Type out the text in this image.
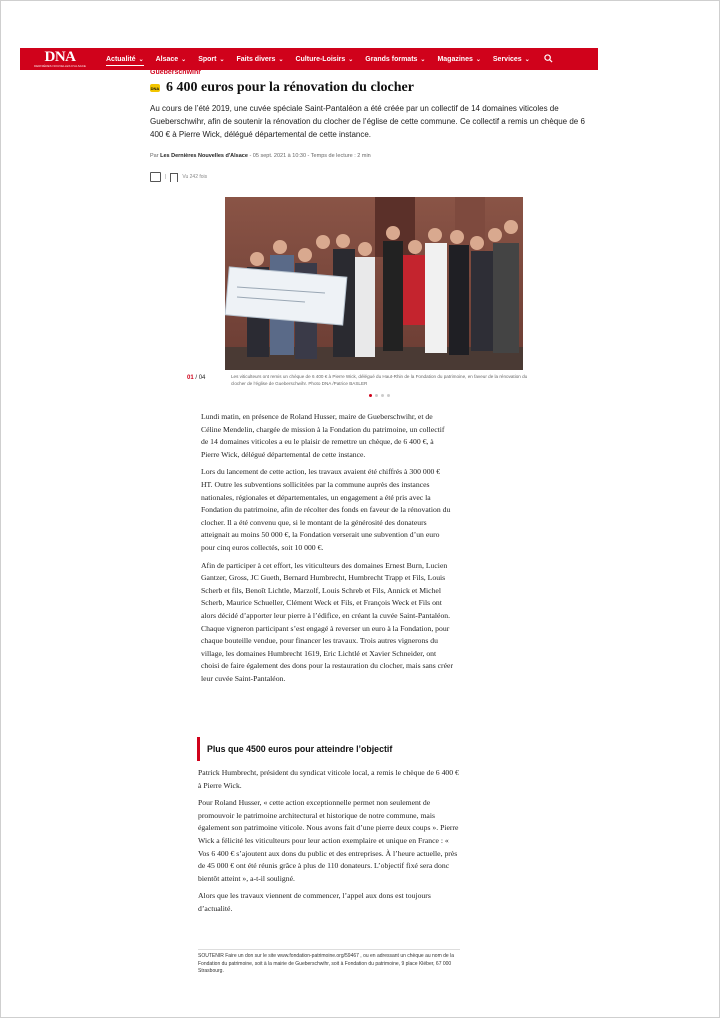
DNA
DERNIÈRES NOUVELLES D'ALSACE
Actualité ⌄ Alsace ⌄ Sport ⌄ Faits divers ⌄ Culture-Loisirs ⌄ Grands formats ⌄ Magazines ⌄ Services ⌄
Gueberschwihr
DNA 6 400 euros pour la rénovation du clocher
Au cours de l’été 2019, une cuvée spéciale Saint-Pantaléon a été créée par un collectif de 14 domaines viticoles de Gueberschwihr, afin de soutenir la rénovation du clocher de l’église de cette commune. Ce collectif a remis un chèque de 6 400 € à Pierre Wick, délégué départemental de cette instance.
Par Les Dernières Nouvelles d'Alsace - 05 sept. 2021 à 10:30 - Temps de lecture : 2 min
|	Vu 242 fois
01 / 04	Les viticulteurs ont remis un chèque de 6 400 € à Pierre Wick, délégué du Haut-Rhin de la Fondation du patrimoine, en faveur de la rénovation du clocher de l’église de Gueberschwihr. Photo DNA /Patrice BASLER

Lundi matin, en présence de Roland Husser, maire de Gueberschwihr, et de Céline Mendelin, chargée de mission à la Fondation du patrimoine, un collectif de 14 domaines viticoles a eu le plaisir de remettre un chèque, de 6 400 €, à Pierre Wick, délégué départemental de cette instance.

Lors du lancement de cette action, les travaux avaient été chiffrés à 300 000 € HT. Outre les subventions sollicitées par la commune auprès des instances nationales, régionales et départementales, un engagement a été pris avec la Fondation du patrimoine, afin de récolter des fonds en faveur de la rénovation du clocher. Il a été convenu que, si le montant de la générosité des donateurs atteignait au moins 50 000 €, la Fondation verserait une subvention d’un euro pour cinq euros collectés, soit 10 000 €.

Afin de participer à cet effort, les viticulteurs des domaines Ernest Burn, Lucien Gantzer, Gross, JC Gueth, Bernard Humbrecht, Humbrecht Trapp et Fils, Louis Scherb et fils, Benoît Lichtle, Marzolf, Louis Schreb et Fils, Annick et Michel Scherb, Maurice Schueller, Clément Weck et Fils, et François Weck et Fils ont alors décidé d’apporter leur pierre à l’édifice, en créant la cuvée Saint-Pantaléon. Chaque vigneron participant s’est engagé à reverser un euro à la Fondation, pour chaque bouteille vendue, pour financer les travaux. Trois autres vignerons du village, les domaines Humbrecht 1619, Eric Lichtlé et Xavier Schneider, ont choisi de faire également des dons pour la restauration du clocher, mais sans créer leur cuvée Saint-Pantaléon.

Plus que 4500 euros pour atteindre l’objectif

Patrick Humbrecht, président du syndicat viticole local, a remis le chèque de 6 400 € à Pierre Wick.

Pour Roland Husser, « cette action exceptionnelle permet non seulement de promouvoir le patrimoine architectural et historique de notre commune, mais également son patrimoine viticole. Nous avons fait d’une pierre deux coups ». Pierre Wick a félicité les viticulteurs pour leur action exemplaire et unique en France : « Vos 6 400 € s’ajoutent aux dons du public et des entreprises. À l’heure actuelle, près de 45 000 € ont été réunis grâce à plus de 110 donateurs. L’objectif fixé sera donc bientôt atteint », a-t-il souligné.

Alors que les travaux viennent de commencer, l’appel aux dons est toujours d’actualité.

SOUTENIR Faire un don sur le site www.fondation-patrimoine.org/59467 , ou en adressant un chèque au nom de la Fondation du patrimoine, soit à la mairie de Gueberschwihr, soit à Fondation du patrimoine, 9 place Kléber, 67 000 Strasbourg.
